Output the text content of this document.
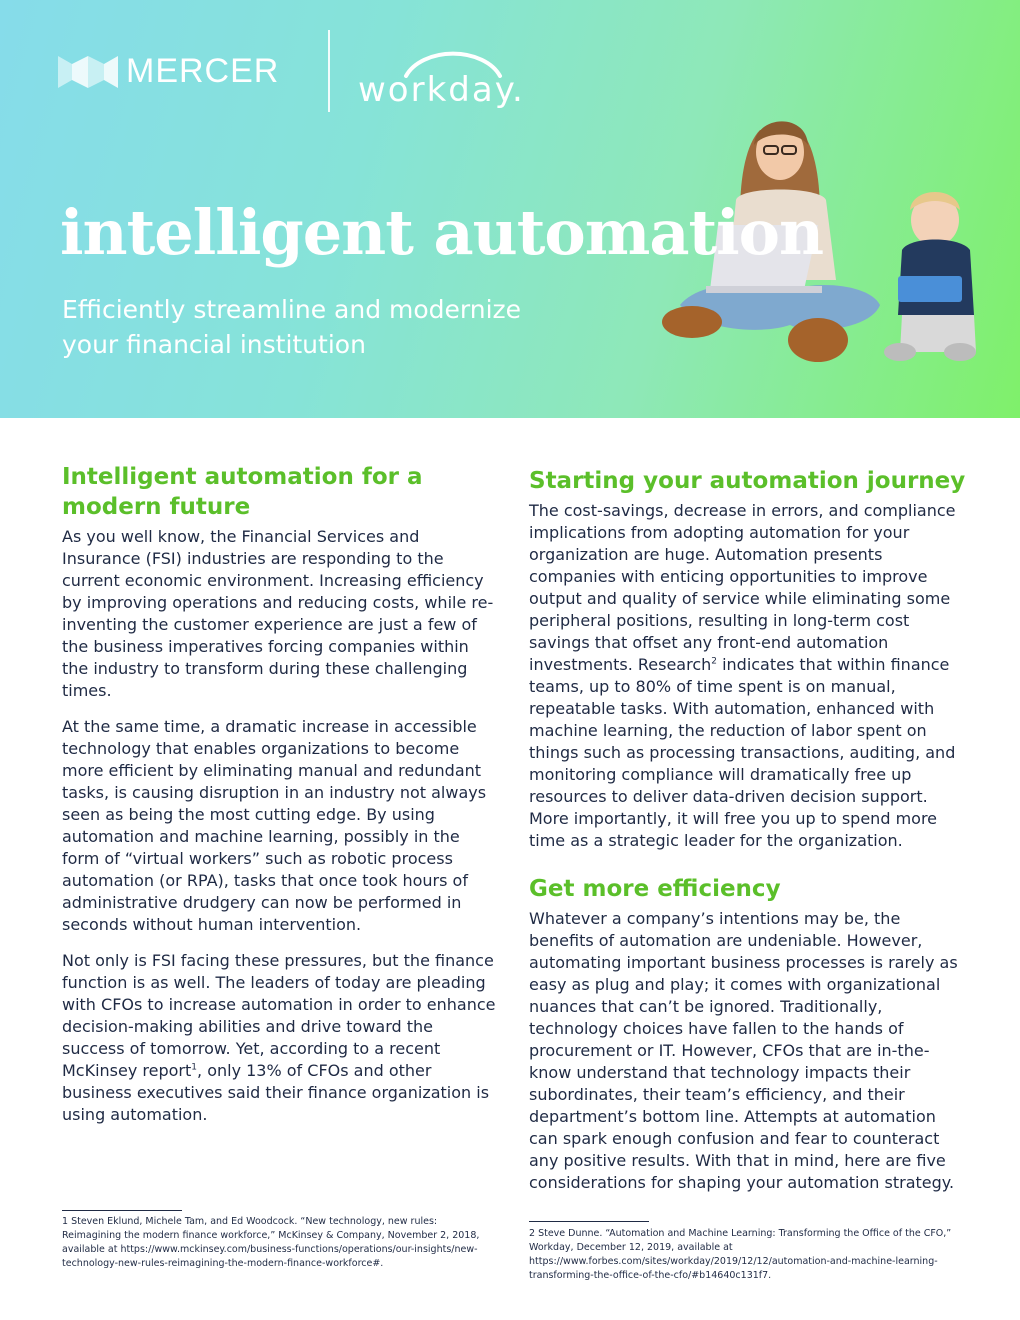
MERCER workday.
intelligent automation

Efficiently streamline and modernize
your financial institution

Intelligent automation for a modern future

As you well know, the Financial Services and Insurance (FSI) industries are responding to the current economic environment. Increasing efficiency by improving operations and reducing costs, while re-inventing the customer experience are just a few of the business imperatives forcing companies within the industry to transform during these challenging times.

At the same time, a dramatic increase in accessible technology that enables organizations to become more efficient by eliminating manual and redundant tasks, is causing disruption in an industry not always seen as being the most cutting edge. By using automation and machine learning, possibly in the form of “virtual workers” such as robotic process automation (or RPA), tasks that once took hours of administrative drudgery can now be performed in seconds without human intervention.

Not only is FSI facing these pressures, but the finance function is as well. The leaders of today are pleading with CFOs to increase automation in order to enhance decision-making abilities and drive toward the success of tomorrow. Yet, according to a recent McKinsey report$^1$, only 13% of CFOs and other business executives said their finance organization is using automation.

Starting your automation journey

The cost-savings, decrease in errors, and compliance implications from adopting automation for your organization are huge. Automation presents companies with enticing opportunities to improve output and quality of service while eliminating some peripheral positions, resulting in long-term cost savings that offset any front-end automation investments. Research$^2$ indicates that within finance teams, up to 80% of time spent is on manual, repeatable tasks. With automation, enhanced with machine learning, the reduction of labor spent on things such as processing transactions, auditing, and monitoring compliance will dramatically free up resources to deliver data-driven decision support. More importantly, it will free you up to spend more time as a strategic leader for the organization.

Get more efficiency

Whatever a company’s intentions may be, the benefits of automation are undeniable. However, automating important business processes is rarely as easy as plug and play; it comes with organizational nuances that can’t be ignored. Traditionally, technology choices have fallen to the hands of procurement or IT. However, CFOs that are in-the-know understand that technology impacts their subordinates, their team’s efficiency, and their department’s bottom line. Attempts at automation can spark enough confusion and fear to counteract any positive results. With that in mind, here are five considerations for shaping your automation strategy.

1 Steven Eklund, Michele Tam, and Ed Woodcock. “New technology, new rules: Reimagining the modern finance workforce,” McKinsey & Company, November 2, 2018, available at https://www.mckinsey.com/business-functions/operations/our-insights/new-technology-new-rules-reimagining-the-modern-finance-workforce#.
2 Steve Dunne. “Automation and Machine Learning: Transforming the Office of the CFO,” Workday, December 12, 2019, available at https://www.forbes.com/sites/workday/2019/12/12/automation-and-machine-learning-transforming-the-office-of-the-cfo/#b14640c131f7.
